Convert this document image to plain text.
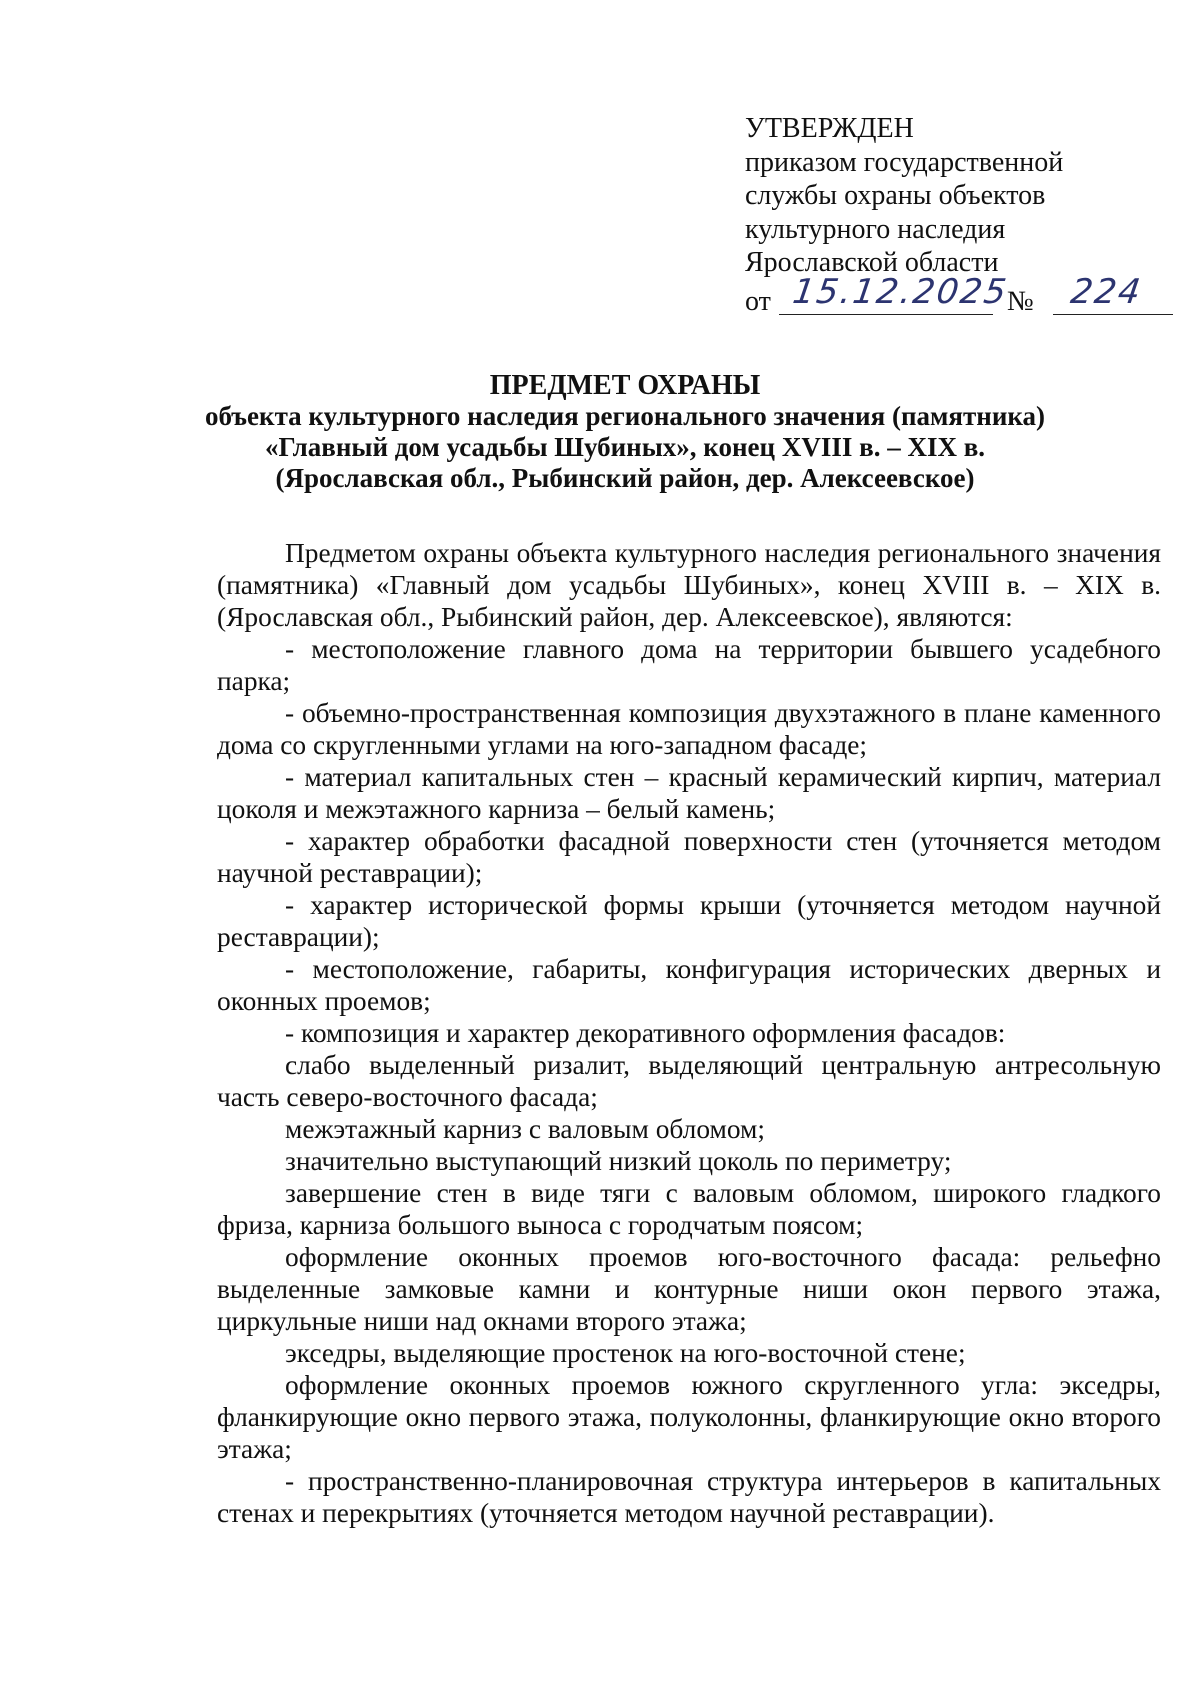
УТВЕРЖДЕН
приказом государственной
службы охраны объектов
культурного наследия
Ярославской области
от 15.12.2025
№ 224
ПРЕДМЕТ ОХРАНЫ
объекта культурного наследия регионального значения (памятника)
«Главный дом усадьбы Шубиных», конец XVIII в. – XIX в.
(Ярославская обл., Рыбинский район, дер. Алексеевское)

Предметом охраны объекта культурного наследия регионального значения (памятника) «Главный дом усадьбы Шубиных», конец XVIII в. – XIX в. (Ярославская обл., Рыбинский район, дер. Алексеевское), являются:

- местоположение главного дома на территории бывшего усадебного парка;

- объемно-пространственная композиция двухэтажного в плане каменного дома со скругленными углами на юго-западном фасаде;

- материал капитальных стен – красный керамический кирпич, материал цоколя и межэтажного карниза – белый камень;

- характер обработки фасадной поверхности стен (уточняется методом научной реставрации);

- характер исторической формы крыши (уточняется методом научной реставрации);

- местоположение, габариты, конфигурация исторических дверных и оконных проемов;

- композиция и характер декоративного оформления фасадов:

слабо выделенный ризалит, выделяющий центральную антресольную часть северо-восточного фасада;

межэтажный карниз с валовым обломом;

значительно выступающий низкий цоколь по периметру;

завершение стен в виде тяги с валовым обломом, широкого гладкого фриза, карниза большого выноса с городчатым поясом;

оформление оконных проемов юго-восточного фасада: рельефно выделенные замковые камни и контурные ниши окон первого этажа, циркульные ниши над окнами второго этажа;

экседры, выделяющие простенок на юго-восточной стене;

оформление оконных проемов южного скругленного угла: экседры, фланкирующие окно первого этажа, полуколонны, фланкирующие окно второго этажа;

- пространственно-планировочная структура интерьеров в капитальных стенах и перекрытиях (уточняется методом научной реставрации).
